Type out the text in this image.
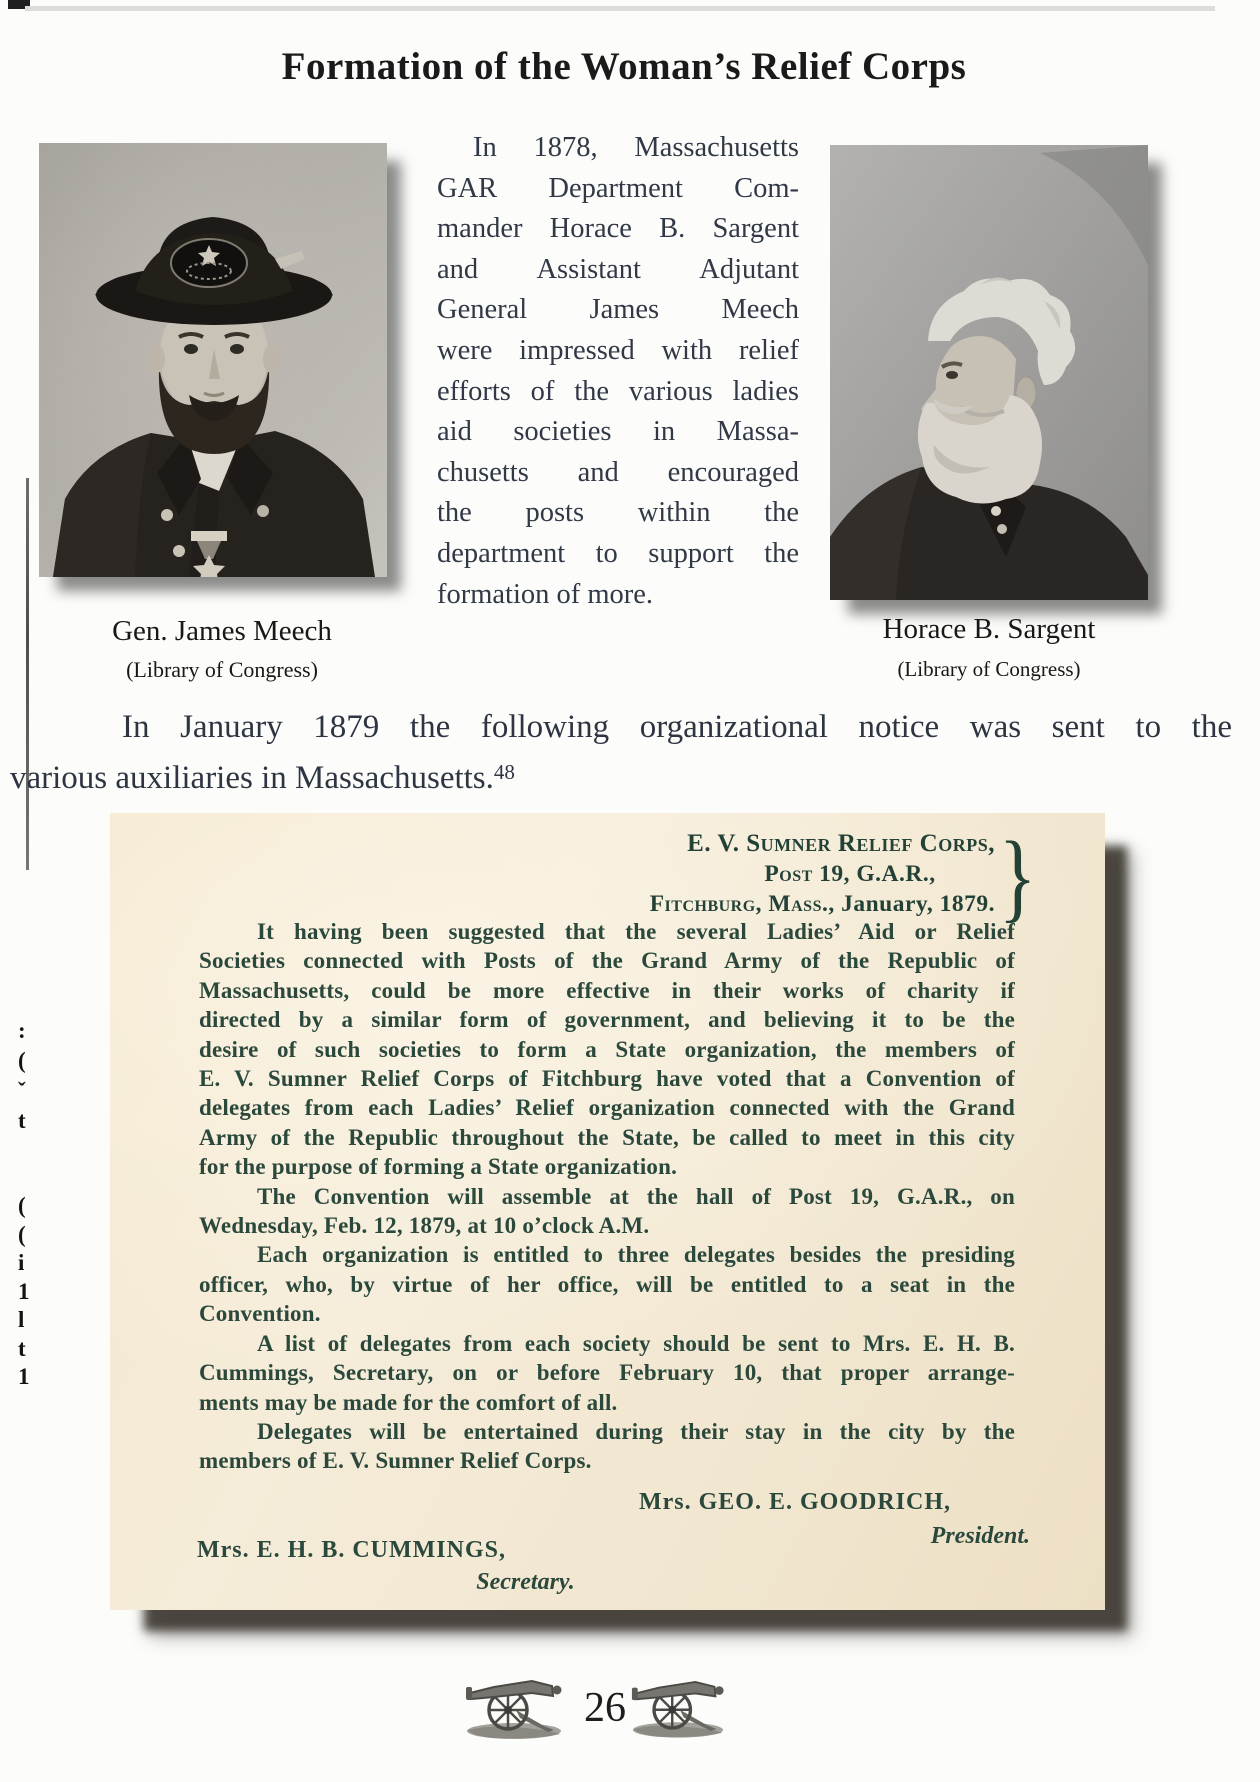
:
(
ˇ
t
(
(
i
1
l
t
1
Formation of the Woman’s Relief Corps
In 1878, Massachusetts
GAR Department Com-
mander Horace B. Sargent
and Assistant Adjutant
General James Meech
were impressed with relief
efforts of the various ladies
aid societies in Massa-
chusetts and encouraged
the posts within the
department to support the
formation of more.
Gen. James Meech
(Library of Congress)
Horace B. Sargent
(Library of Congress)
In January 1879 the following organizational notice was sent to the
various auxiliaries in Massachusetts.$^{48}$
E. V. Sumner Relief Corps,
Post 19, G.A.R.,
Fitchburg, Mass., January, 1879. }
It having been suggested that the several Ladies’ Aid or Relief
Societies connected with Posts of the Grand Army of the Republic of
Massachusetts, could be more effective in their works of charity if
directed by a similar form of government, and believing it to be the
desire of such societies to form a State organization, the members of
E. V. Sumner Relief Corps of Fitchburg have voted that a Convention of
delegates from each Ladies’ Relief organization connected with the Grand
Army of the Republic throughout the State, be called to meet in this city
for the purpose of forming a State organization.
The Convention will assemble at the hall of Post 19, G.A.R., on
Wednesday, Feb. 12, 1879, at 10 o’clock A.M.
Each organization is entitled to three delegates besides the presiding
officer, who, by virtue of her office, will be entitled to a seat in the
Convention.
A list of delegates from each society should be sent to Mrs. E. H. B.
Cummings, Secretary, on or before February 10, that proper arrange-
ments may be made for the comfort of all.
Delegates will be entertained during their stay in the city by the
members of E. V. Sumner Relief Corps.
Mrs. GEO. E. GOODRICH,
President.
Mrs. E. H. B. CUMMINGS,
Secretary.
26
